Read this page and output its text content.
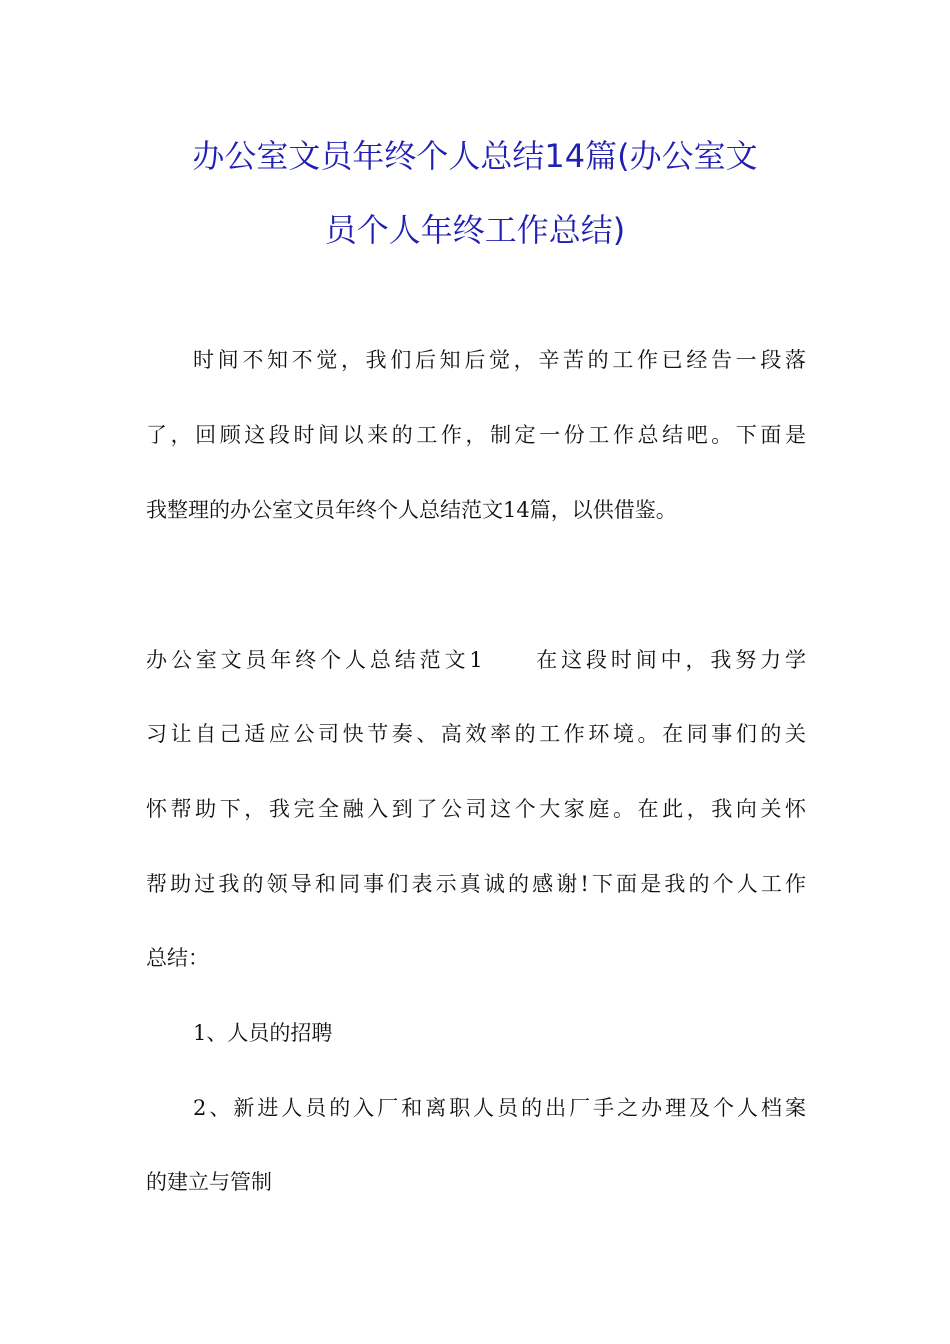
办公室文员年终个人总结14篇(办公室文
员个人年终工作总结)
时间不知不觉，我们后知后觉，辛苦的工作已经告一段落
了，回顾这段时间以来的工作，制定一份工作总结吧。下面是
我整理的办公室文员年终个人总结范文14篇，以供借鉴。
办公室文员年终个人总结范文1　　在这段时间中，我努力学
习让自己适应公司快节奏、高效率的工作环境。在同事们的关
怀帮助下，我完全融入到了公司这个大家庭。在此，我向关怀
帮助过我的领导和同事们表示真诚的感谢!下面是我的个人工作
总结：
1、人员的招聘
2、新进人员的入厂和离职人员的出厂手之办理及个人档案
的建立与管制
